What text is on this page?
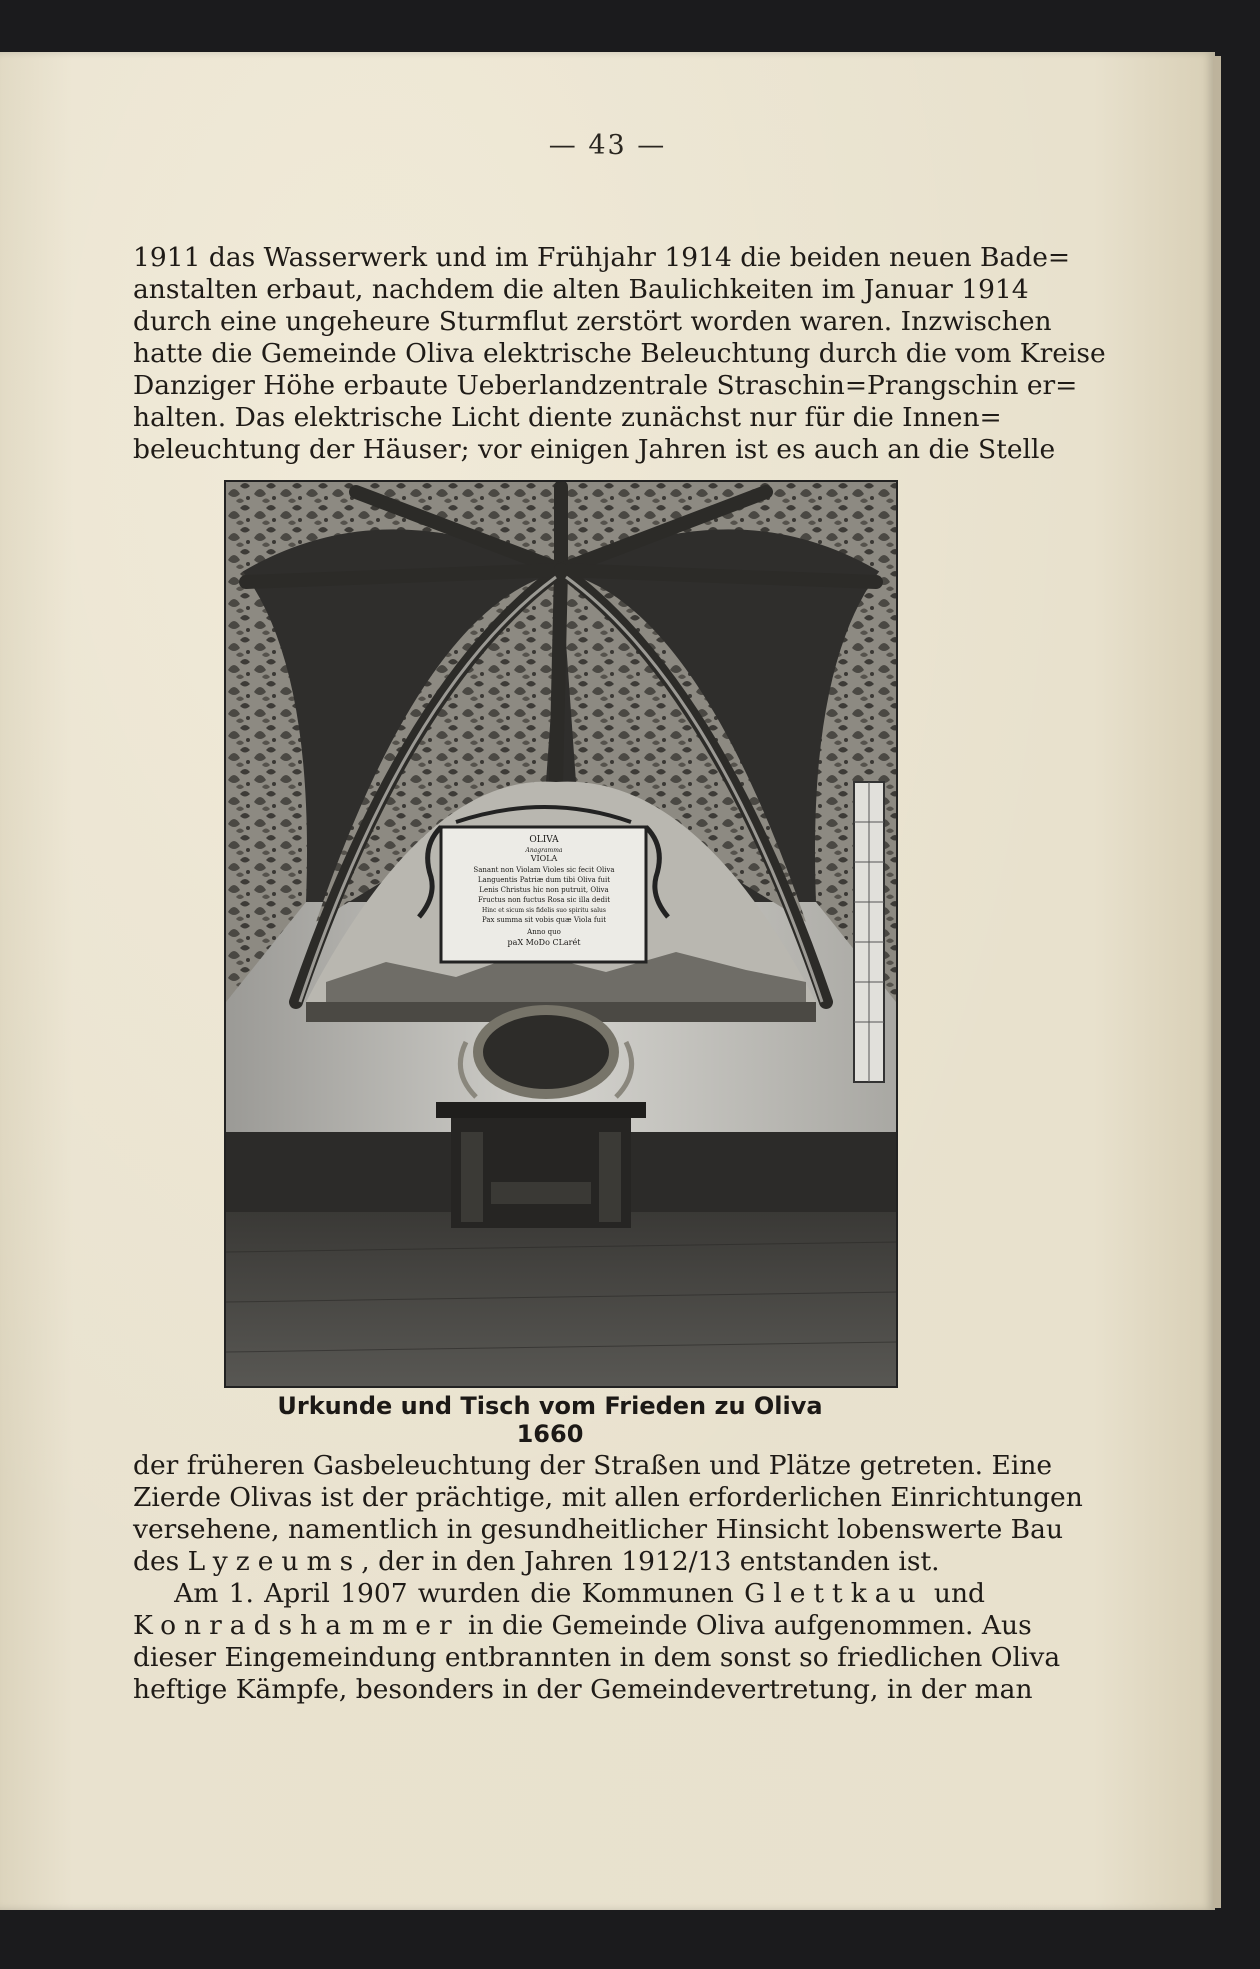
— 43 —
1911 das Wasserwerk und im Frühjahr 1914 die beiden neuen Bade=
anstalten erbaut, nachdem die alten Baulichkeiten im Januar 1914
durch eine ungeheure Sturmflut zerstört worden waren. Inzwischen
hatte die Gemeinde Oliva elektrische Beleuchtung durch die vom Kreise
Danziger Höhe erbaute Ueberlandzentrale Straschin=Prangschin er=
halten. Das elektrische Licht diente zunächst nur für die Innen=
beleuchtung der Häuser; vor einigen Jahren ist es auch an die Stelle
OLIVA
Anagramma
VIOLA
Sanant non Violam Violes sic fecit Oliva
Languentis Patriæ dum tibi Oliva fuit
Lenis Christus hic non putruit, Oliva
Fructus non fuctus Rosa sic illa dedit
Hinc et sicum sis fidelis suo spiritu salus
Pax summa sit vobis quæ Viola fuit
Anno quo
paX MoDo CLarét
Urkunde und Tisch vom Frieden zu Oliva
1660
der früheren Gasbeleuchtung der Straßen und Plätze getreten. Eine
Zierde Olivas ist der prächtige, mit allen erforderlichen Einrichtungen
versehene, namentlich in gesundheitlicher Hinsicht lobenswerte Bau
des Lyzeums, der in den Jahren 1912/13 entstanden ist.
Am 1. April 1907 wurden die Kommunen Glettkau und
Konradshammer in die Gemeinde Oliva aufgenommen. Aus
dieser Eingemeindung entbrannten in dem sonst so friedlichen Oliva
heftige Kämpfe, besonders in der Gemeindevertretung, in der man
